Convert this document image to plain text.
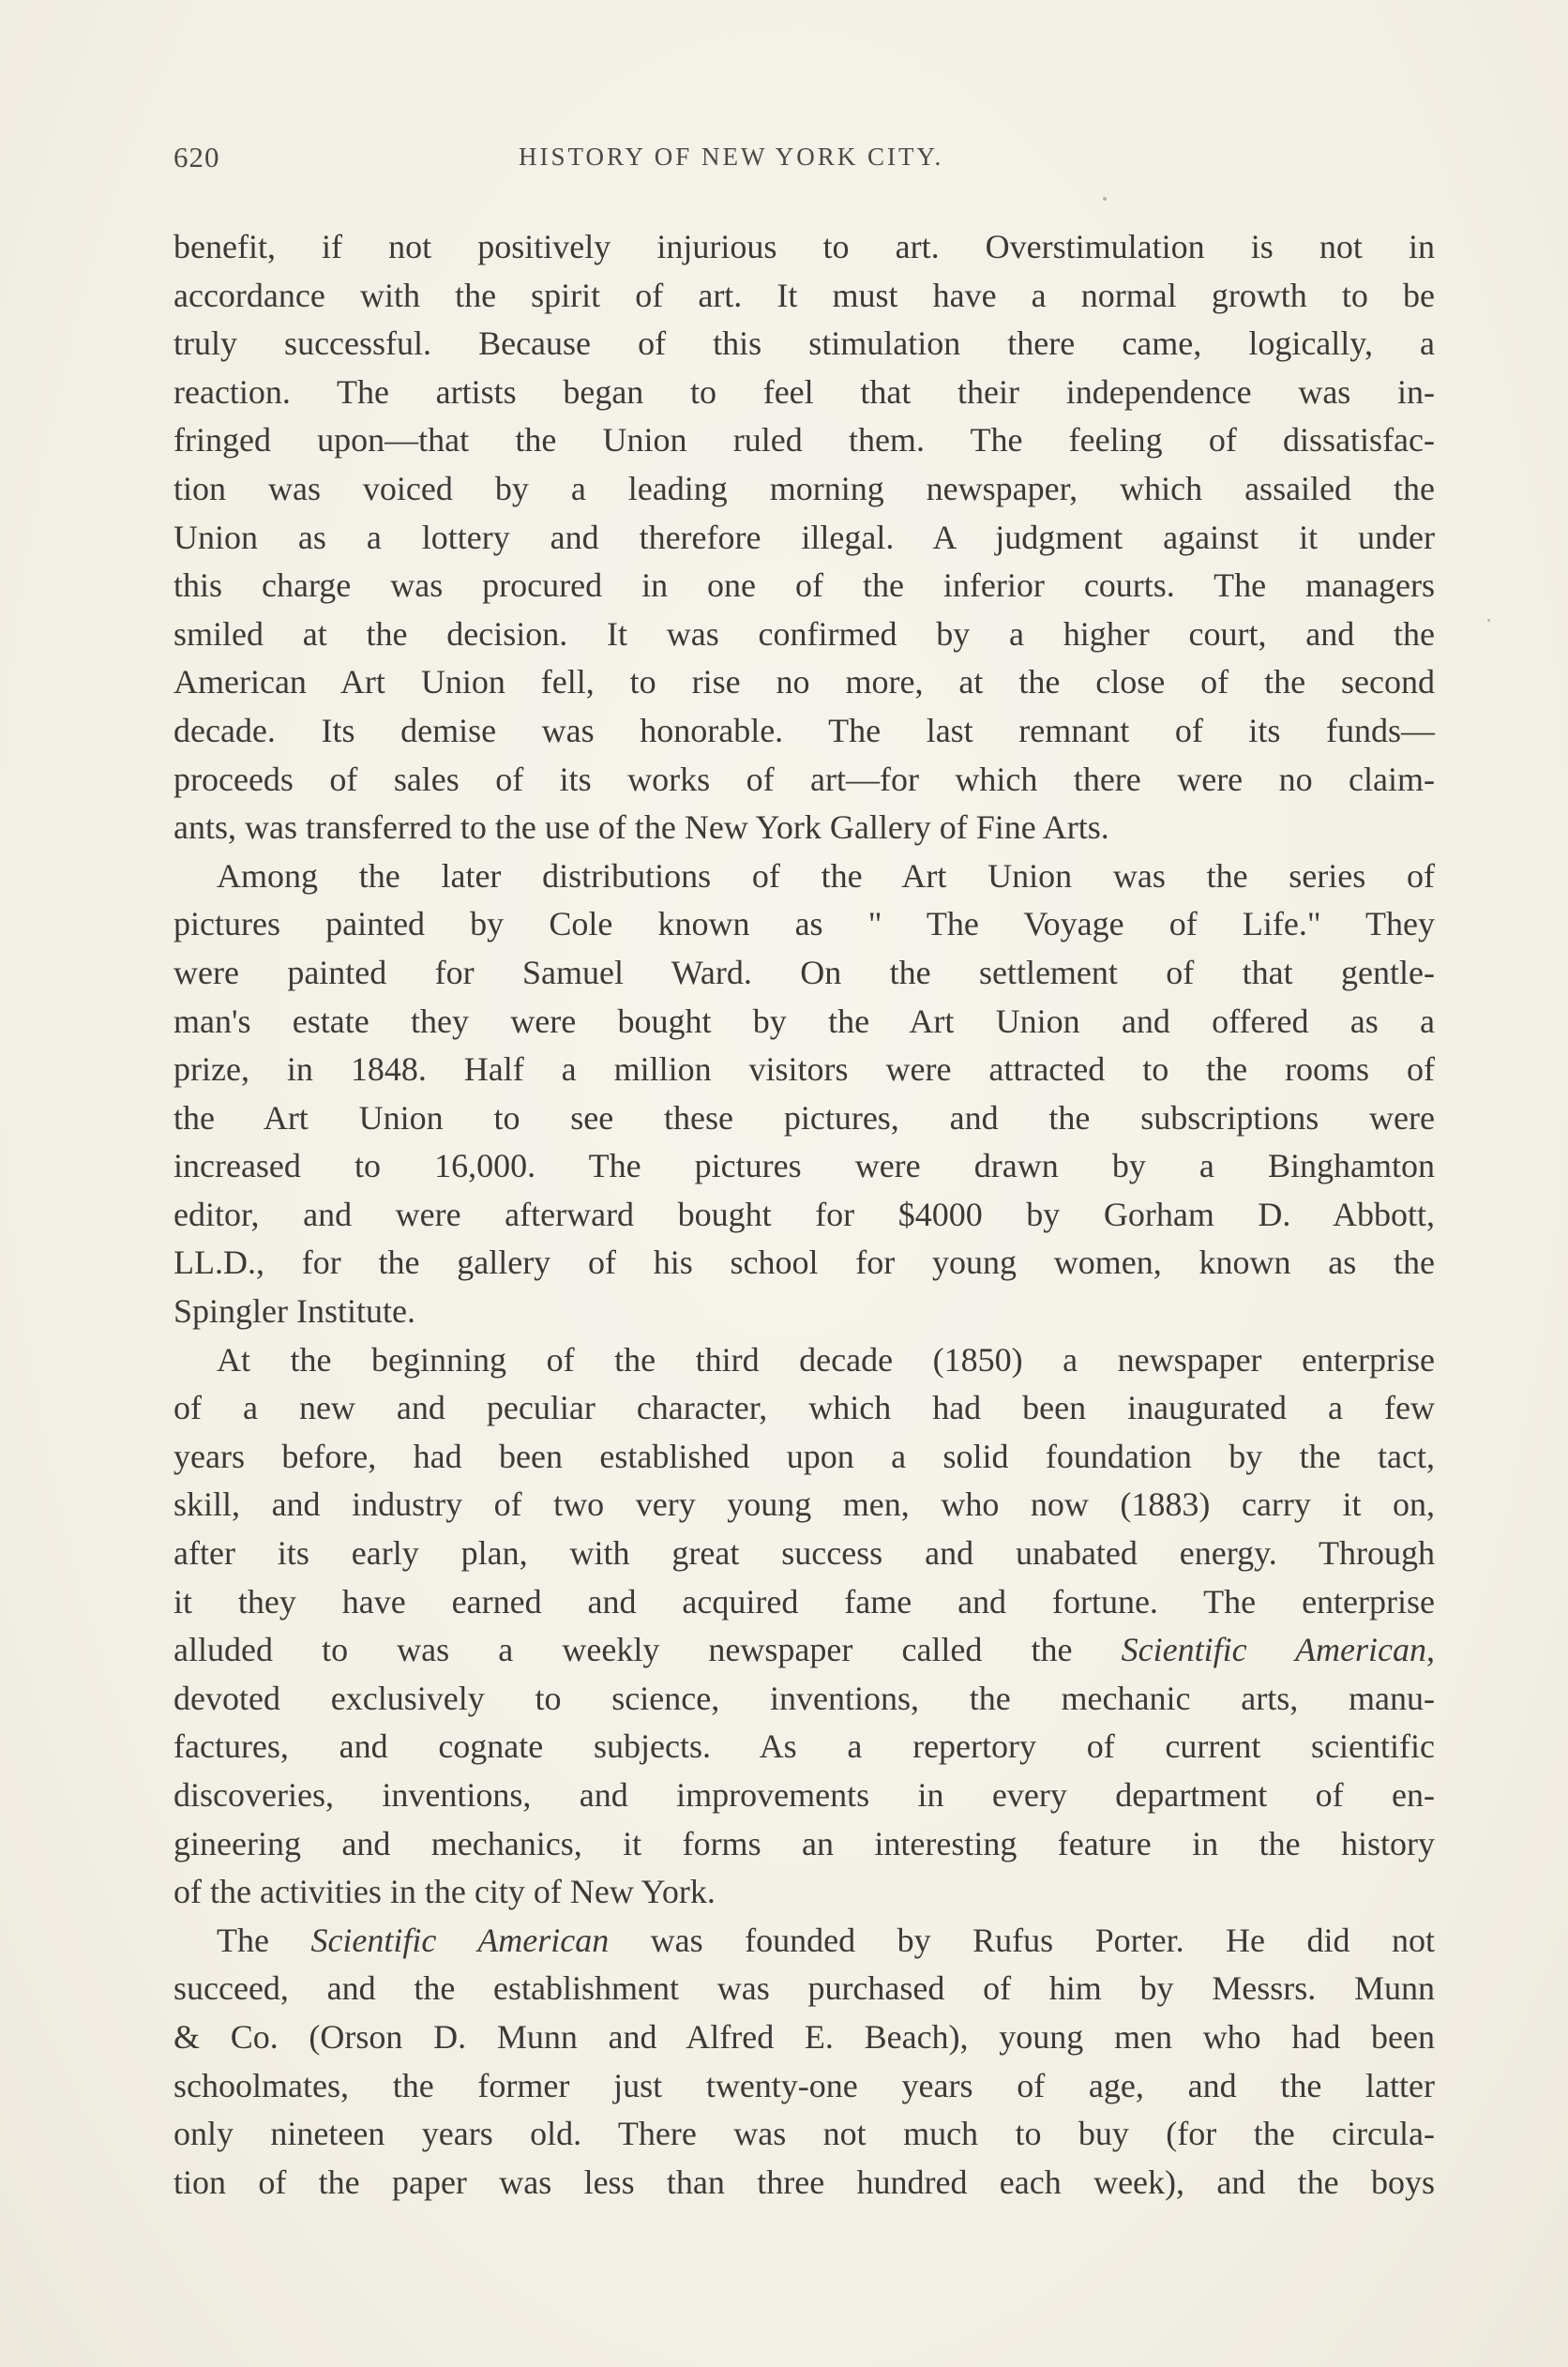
620	HISTORY OF NEW YORK CITY.
benefit, if not positively injurious to art. Overstimulation is not in
accordance with the spirit of art. It must have a normal growth to be
truly successful. Because of this stimulation there came, logically, a
reaction. The artists began to feel that their independence was in-
fringed upon—that the Union ruled them. The feeling of dissatisfac-
tion was voiced by a leading morning newspaper, which assailed the
Union as a lottery and therefore illegal. A judgment against it under
this charge was procured in one of the inferior courts. The managers
smiled at the decision. It was confirmed by a higher court, and the
American Art Union fell, to rise no more, at the close of the second
decade. Its demise was honorable. The last remnant of its funds—
proceeds of sales of its works of art—for which there were no claim-
ants, was transferred to the use of the New York Gallery of Fine Arts.
Among the later distributions of the Art Union was the series of
pictures painted by Cole known as " The Voyage of Life." They
were painted for Samuel Ward. On the settlement of that gentle-
man's estate they were bought by the Art Union and offered as a
prize, in 1848. Half a million visitors were attracted to the rooms of
the Art Union to see these pictures, and the subscriptions were
increased to 16,000. The pictures were drawn by a Binghamton
editor, and were afterward bought for $4000 by Gorham D. Abbott,
LL.D., for the gallery of his school for young women, known as the
Spingler Institute.
At the beginning of the third decade (1850) a newspaper enterprise
of a new and peculiar character, which had been inaugurated a few
years before, had been established upon a solid foundation by the tact,
skill, and industry of two very young men, who now (1883) carry it on,
after its early plan, with great success and unabated energy. Through
it they have earned and acquired fame and fortune. The enterprise
alluded to was a weekly newspaper called the Scientific American,
devoted exclusively to science, inventions, the mechanic arts, manu-
factures, and cognate subjects. As a repertory of current scientific
discoveries, inventions, and improvements in every department of en-
gineering and mechanics, it forms an interesting feature in the history
of the activities in the city of New York.
The Scientific American was founded by Rufus Porter. He did not
succeed, and the establishment was purchased of him by Messrs. Munn
& Co. (Orson D. Munn and Alfred E. Beach), young men who had been
schoolmates, the former just twenty-one years of age, and the latter
only nineteen years old. There was not much to buy (for the circula-
tion of the paper was less than three hundred each week), and the boys
